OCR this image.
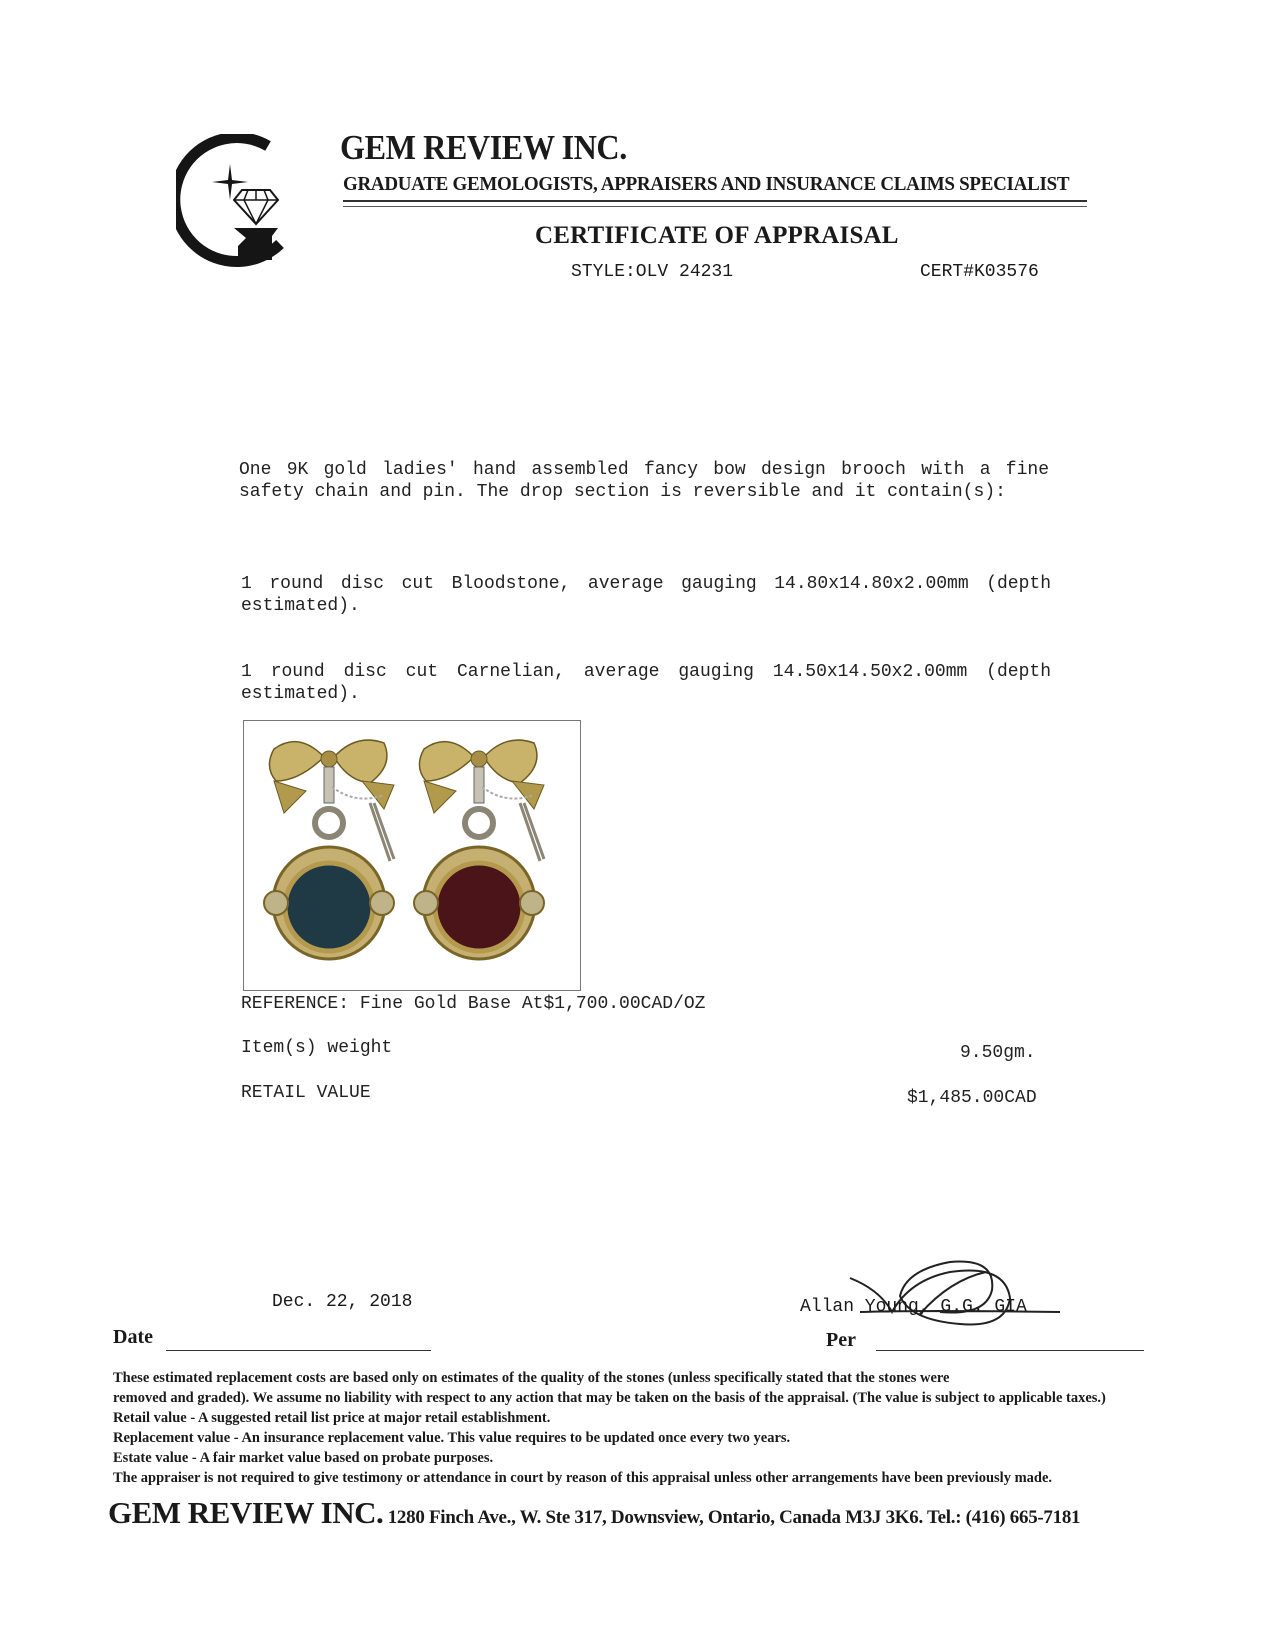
GEM REVIEW INC.
GRADUATE GEMOLOGISTS, APPRAISERS AND INSURANCE CLAIMS SPECIALIST
CERTIFICATE OF APPRAISAL
STYLE:OLV 24231	CERT#K03576
One 9K gold ladies' hand assembled fancy bow design brooch with a fine safety chain and pin. The drop section is reversible and it contain(s):
1 round disc cut Bloodstone, average gauging 14.80x14.80x2.00mm (depth estimated).
1 round disc cut Carnelian, average gauging 14.50x14.50x2.00mm (depth estimated).
REFERENCE: Fine Gold Base At$1,700.00CAD/OZ
Item(s) weight	9.50gm.
RETAIL VALUE	$1,485.00CAD
Dec. 22, 2018	Allan Young, G.G. GIA
Date	Per
These estimated replacement costs are based only on estimates of the quality of the stones (unless specifically stated that the stones were
removed and graded). We assume no liability with respect to any action that may be taken on the basis of the appraisal. (The value is subject to applicable taxes.)
Retail value - A suggested retail list price at major retail establishment.
Replacement value - An insurance replacement value. This value requires to be updated once every two years.
Estate value - A fair market value based on probate purposes.
The appraiser is not required to give testimony or attendance in court by reason of this appraisal unless other arrangements have been previously made.
GEM REVIEW INC. 1280 Finch Ave., W. Ste 317, Downsview, Ontario, Canada M3J 3K6. Tel.: (416) 665-7181
